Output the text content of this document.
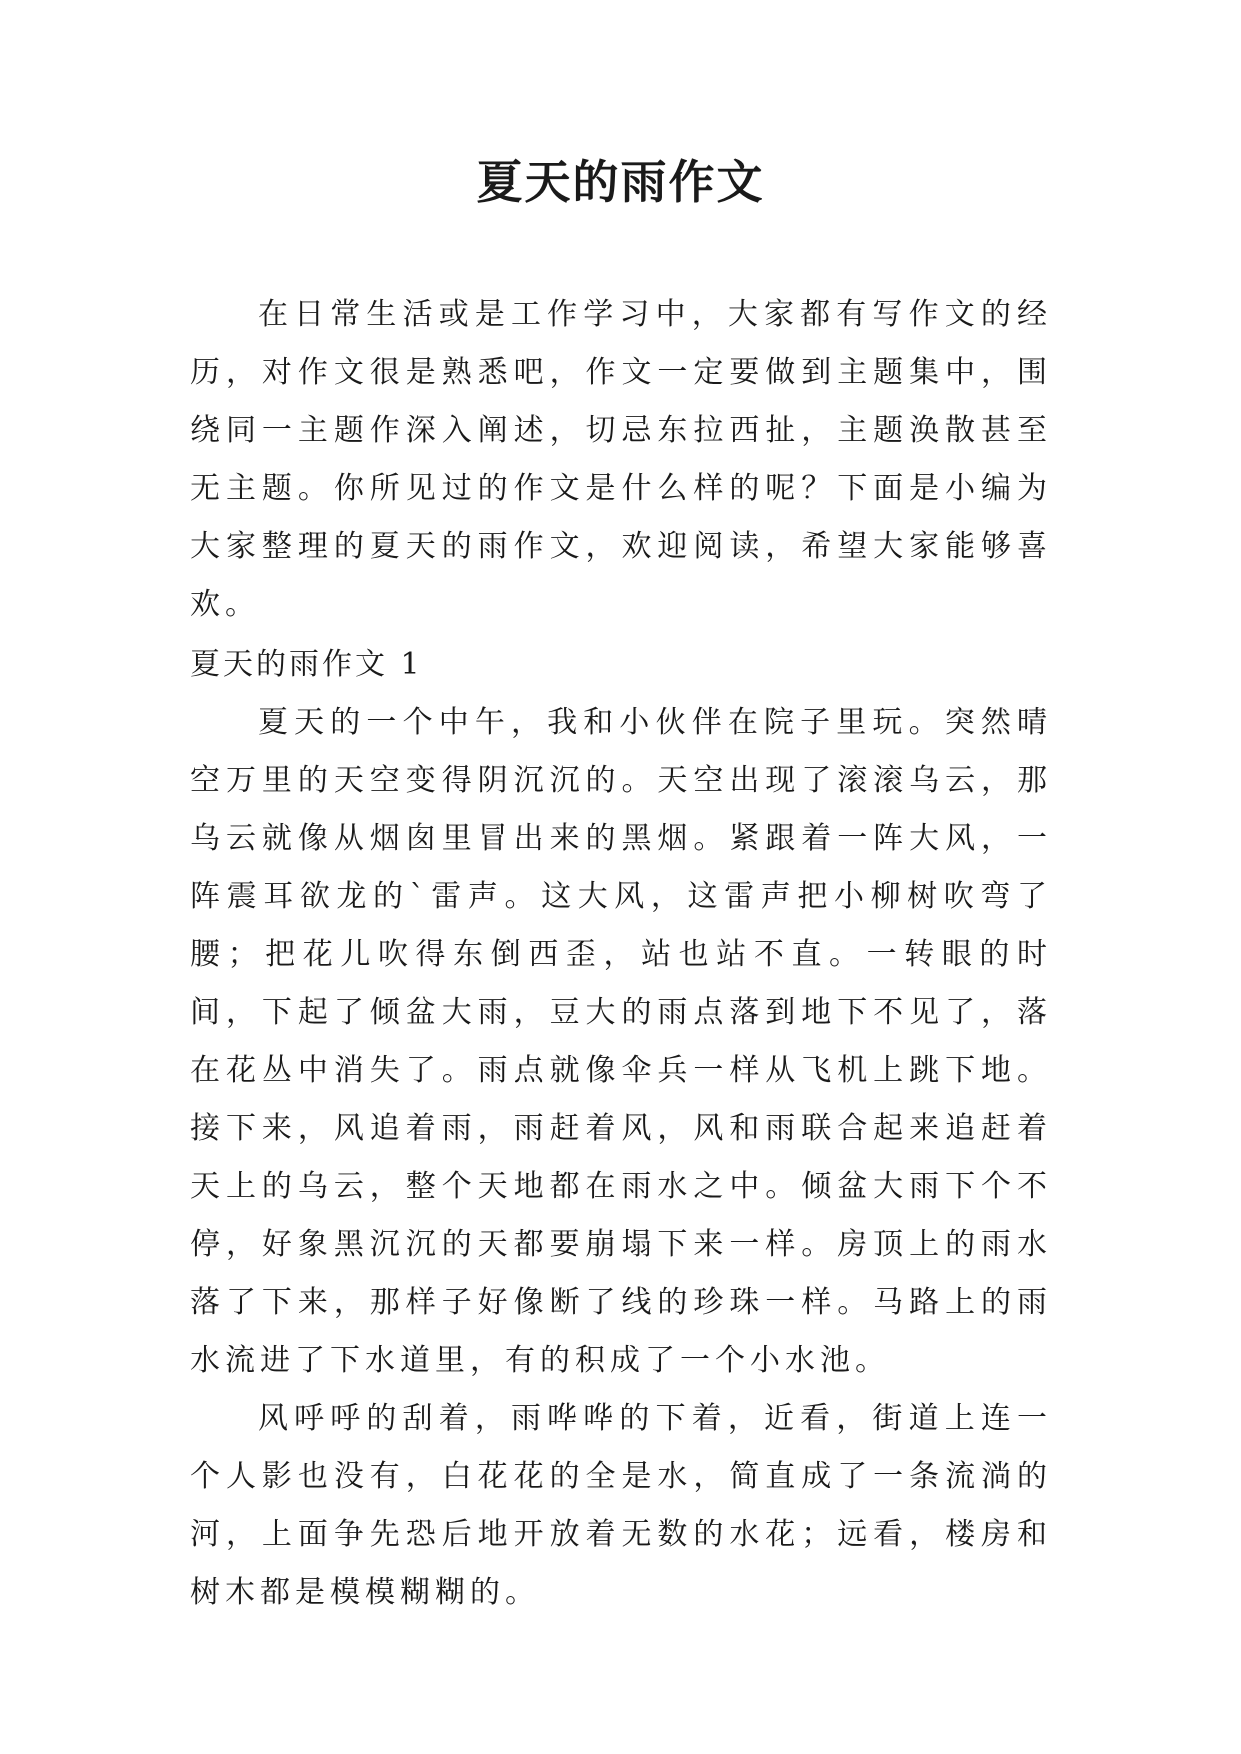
夏天的雨作文

在日常生活或是工作学习中，大家都有写作文的经历，对作文很是熟悉吧，作文一定要做到主题集中，围绕同一主题作深入阐述，切忌东拉西扯，主题涣散甚至无主题。你所见过的作文是什么样的呢？下面是小编为大家整理的夏天的雨作文，欢迎阅读，希望大家能够喜欢。

夏天的雨作文 1

夏天的一个中午，我和小伙伴在院子里玩。突然晴空万里的天空变得阴沉沉的。天空出现了滚滚乌云，那乌云就像从烟囱里冒出来的黑烟。紧跟着一阵大风，一阵震耳欲龙的`雷声。这大风，这雷声把小柳树吹弯了腰；把花儿吹得东倒西歪，站也站不直。一转眼的时间，下起了倾盆大雨，豆大的雨点落到地下不见了，落在花丛中消失了。雨点就像伞兵一样从飞机上跳下地。接下来，风追着雨，雨赶着风，风和雨联合起来追赶着天上的乌云，整个天地都在雨水之中。倾盆大雨下个不停，好象黑沉沉的天都要崩塌下来一样。房顶上的雨水落了下来，那样子好像断了线的珍珠一样。马路上的雨水流进了下水道里，有的积成了一个小水池。

风呼呼的刮着，雨哗哗的下着，近看，街道上连一个人影也没有，白花花的全是水，简直成了一条流淌的河，上面争先恐后地开放着无数的水花；远看，楼房和树木都是模模糊糊的。
